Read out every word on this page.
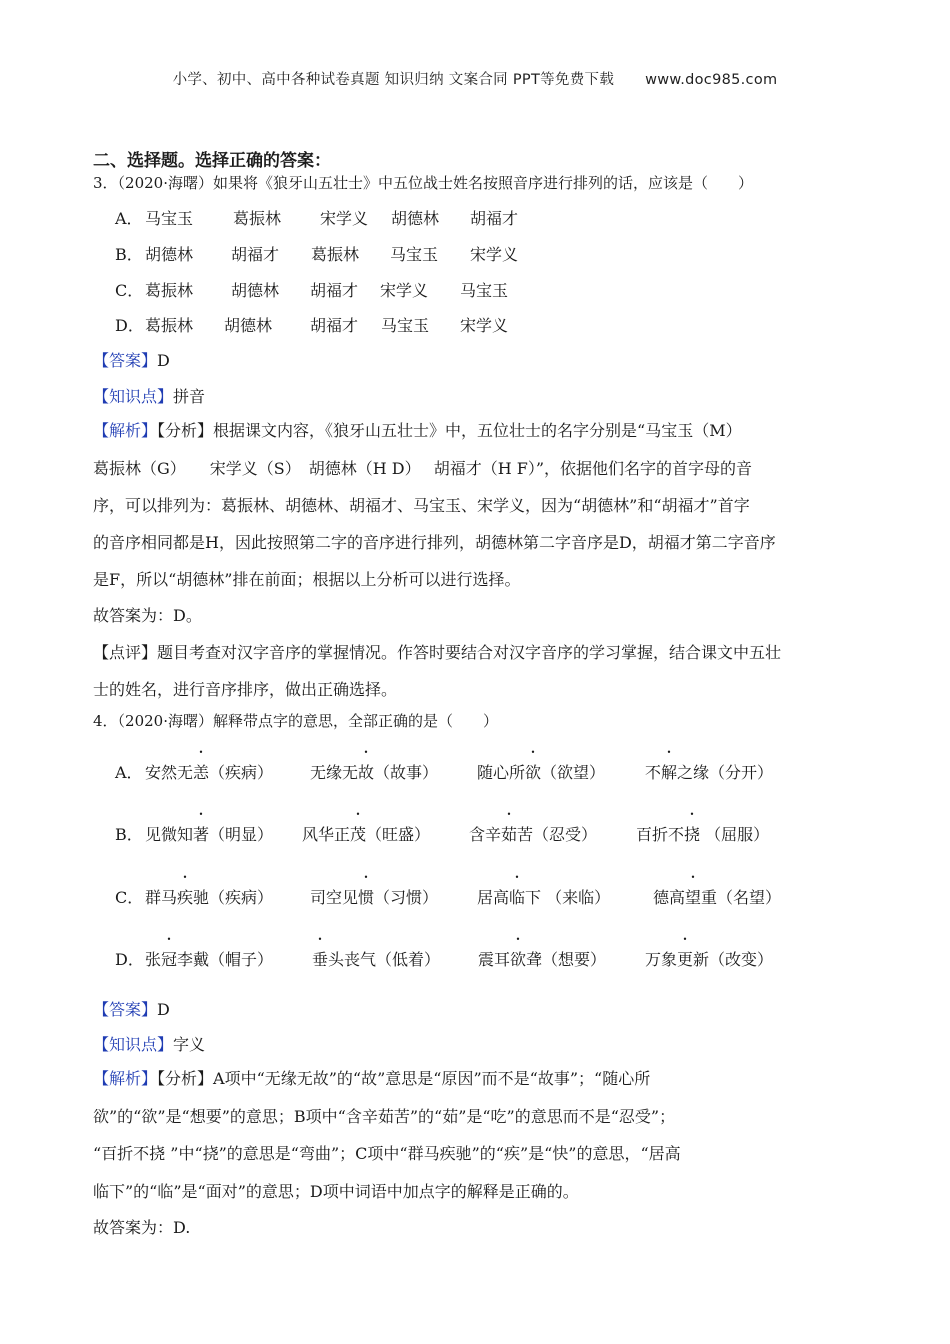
小学、初中、高中各种试卷真题 知识归纳 文案合同 PPT等免费下载 www.doc985.com
二、选择题。选择正确的答案：
3．（2020·海曙）如果将《狼牙山五壮士》中五位战士姓名按照音序进行排列的话，应该是（　　）
A． 马宝玉 葛振林 宋学义 胡德林 胡福才
B． 胡德林 胡福才 葛振林 马宝玉 宋学义
C． 葛振林 胡德林 胡福才 宋学义 马宝玉
D． 葛振林 胡德林 胡福才 马宝玉 宋学义
【答案】D
【知识点】拼音
【解析】【分析】根据课文内容，《狼牙山五壮士》中，五位壮士的名字分别是“马宝玉（M）
葛振林（G）　　宋学义（S）　胡德林（H D）　 胡福才（H F）”，依据他们名字的首字母的音
序，可以排列为：葛振林、胡德林、胡福才、马宝玉、宋学义，因为“胡德林”和“胡福才”首字
的音序相同都是H，因此按照第二字的音序进行排列，胡德林第二字音序是D，胡福才第二字音序
是F，所以“胡德林”排在前面；根据以上分析可以进行选择。
故答案为：D。
【点评】题目考查对汉字音序的掌握情况。作答时要结合对汉字音序的学习掌握，结合课文中五壮
士的姓名，进行音序排序，做出正确选择。
4．（2020·海曙）解释带点字的意思，全部正确的是（　　）
A． 安然无恙（疾病） 无缘无故（故事） 随心所欲（欲望） 不解之缘（分开）
B． 见微知著（明显） 风华正茂（旺盛） 含辛茹苦（忍受） 百折不挠 （屈服）
C． 群马疾驰（疾病） 司空见惯（习惯） 居高临下 （来临）	德高望重（名望）
D． 张冠李戴（帽子） 垂头丧气（低着） 震耳欲聋（想要） 万象更新（改变）
【答案】D
【知识点】字义
【解析】【分析】A项中“无缘无故”的“故”意思是“原因”而不是“故事”；“随心所
欲”的“欲”是“想要”的意思；B项中“含辛茹苦”的“茹”是“吃”的意思而不是“忍受”；
“百折不挠 ”中“挠”的意思是“弯曲”；C项中“群马疾驰”的“疾”是“快”的意思，“居高
临下”的“临”是“面对”的意思；D项中词语中加点字的解释是正确的。
故答案为：D.
